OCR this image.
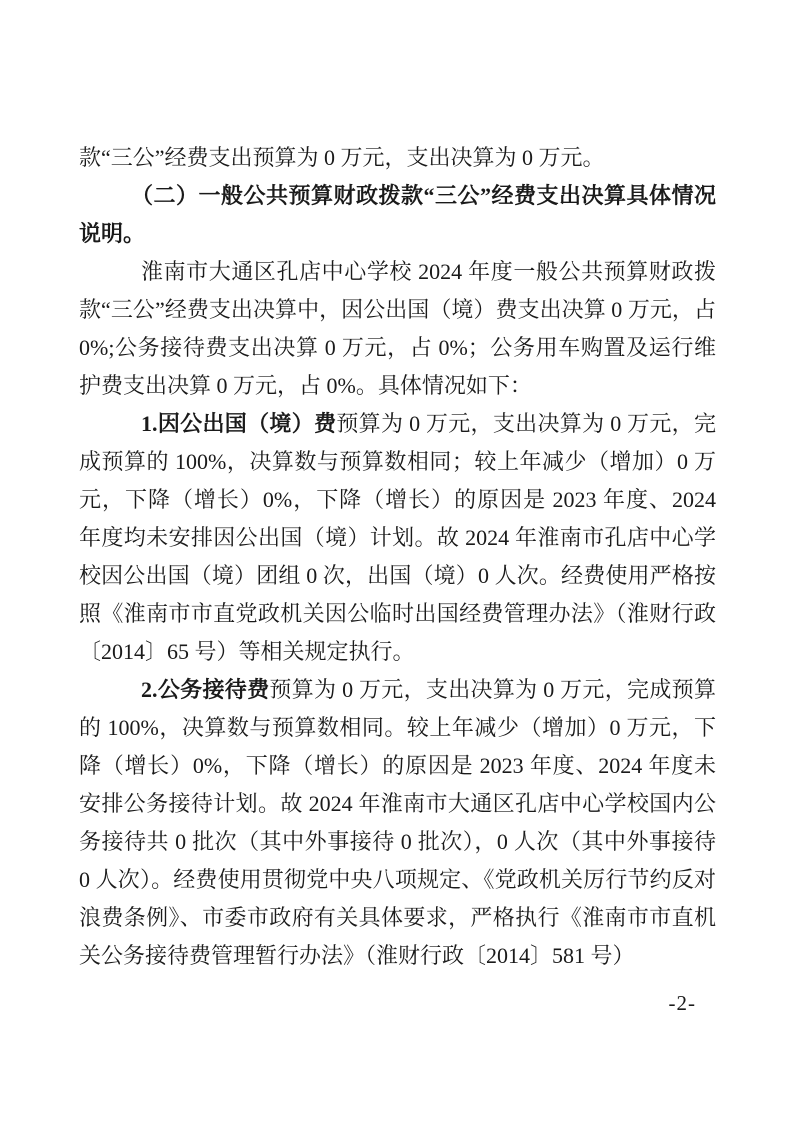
款“三公”经费支出预算为 0 万元，支出决算为 0 万元。

（二）一般公共预算财政拨款“三公”经费支出决算具体情况说明。

淮南市大通区孔店中心学校 2024 年度一般公共预算财政拨款“三公”经费支出决算中，因公出国（境）费支出决算 0 万元，占 0%;公务接待费支出决算 0 万元，占 0%；公务用车购置及运行维护费支出决算 0 万元，占 0%。具体情况如下：

1.因公出国（境）费预算为 0 万元，支出决算为 0 万元，完成预算的 100%，决算数与预算数相同；较上年减少（增加）0 万元，下降（增长）0%，下降（增长）的原因是 2023 年度、2024 年度均未安排因公出国（境）计划。故 2024 年淮南市孔店中心学校因公出国（境）团组 0 次，出国（境）0 人次。经费使用严格按照《淮南市市直党政机关因公临时出国经费管理办法》（淮财行政〔2014〕65 号）等相关规定执行。

2.公务接待费预算为 0 万元，支出决算为 0 万元，完成预算的 100%，决算数与预算数相同。较上年减少（增加）0 万元，下降（增长）0%，下降（增长）的原因是 2023 年度、2024 年度未安排公务接待计划。故 2024 年淮南市大通区孔店中心学校国内公务接待共 0 批次（其中外事接待 0 批次），0 人次（其中外事接待 0 人次）。经费使用贯彻党中央八项规定、《党政机关厉行节约反对浪费条例》、市委市政府有关具体要求，严格执行《淮南市市直机关公务接待费管理暂行办法》（淮财行政〔2014〕581 号）

-2-
